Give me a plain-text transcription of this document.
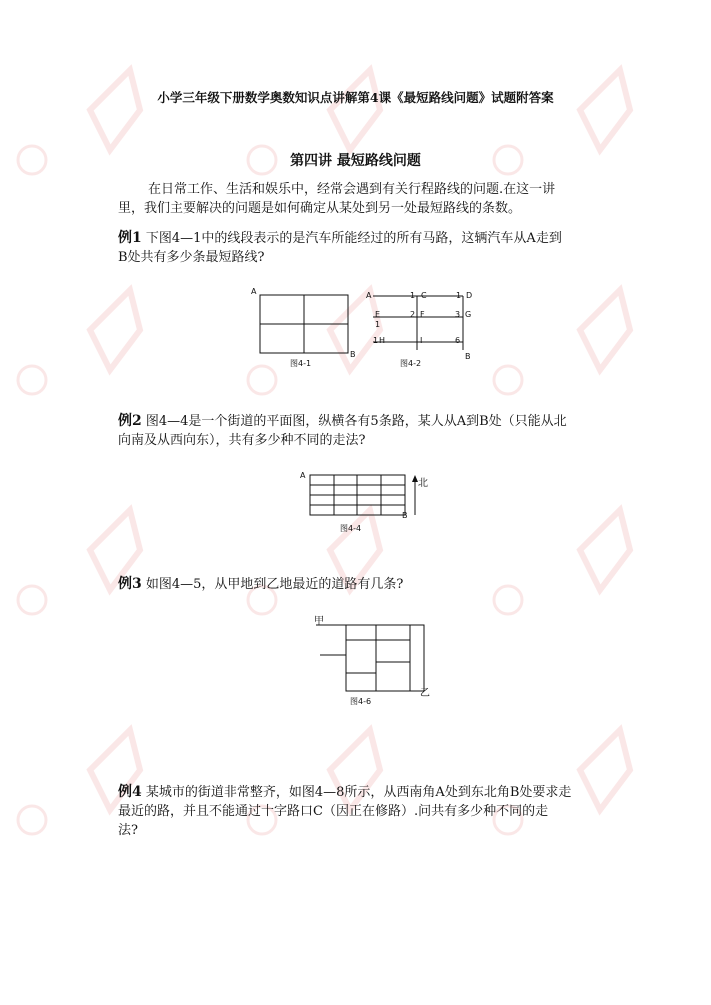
小学三年级下册数学奥数知识点讲解第4课《最短路线问题》试题附答案
第四讲 最短路线问题
在日常工作、生活和娱乐中，经常会遇到有关行程路线的问题.在这一讲
里，我们主要解决的问题是如何确定从某处到另一处最短路线的条数。
例1 下图4—1中的线段表示的是汽车所能经过的所有马路，这辆汽车从A走到
B处共有多少条最短路线?
A
B
图4-1
A	1 C	1 D
E
1
2 F	3 G
1 H	I	6
B
图4-2
例2 图4—4是一个街道的平面图，纵横各有5条路，某人从A到B处（只能从北
向南及从西向东），共有多少种不同的走法?
A
B
北
图4-4
例3 如图4—5，从甲地到乙地最近的道路有几条?
甲
乙
图4-6
例4 某城市的街道非常整齐，如图4—8所示，从西南角A处到东北角B处要求走
最近的路，并且不能通过十字路口C（因正在修路）.问共有多少种不同的走
法?
